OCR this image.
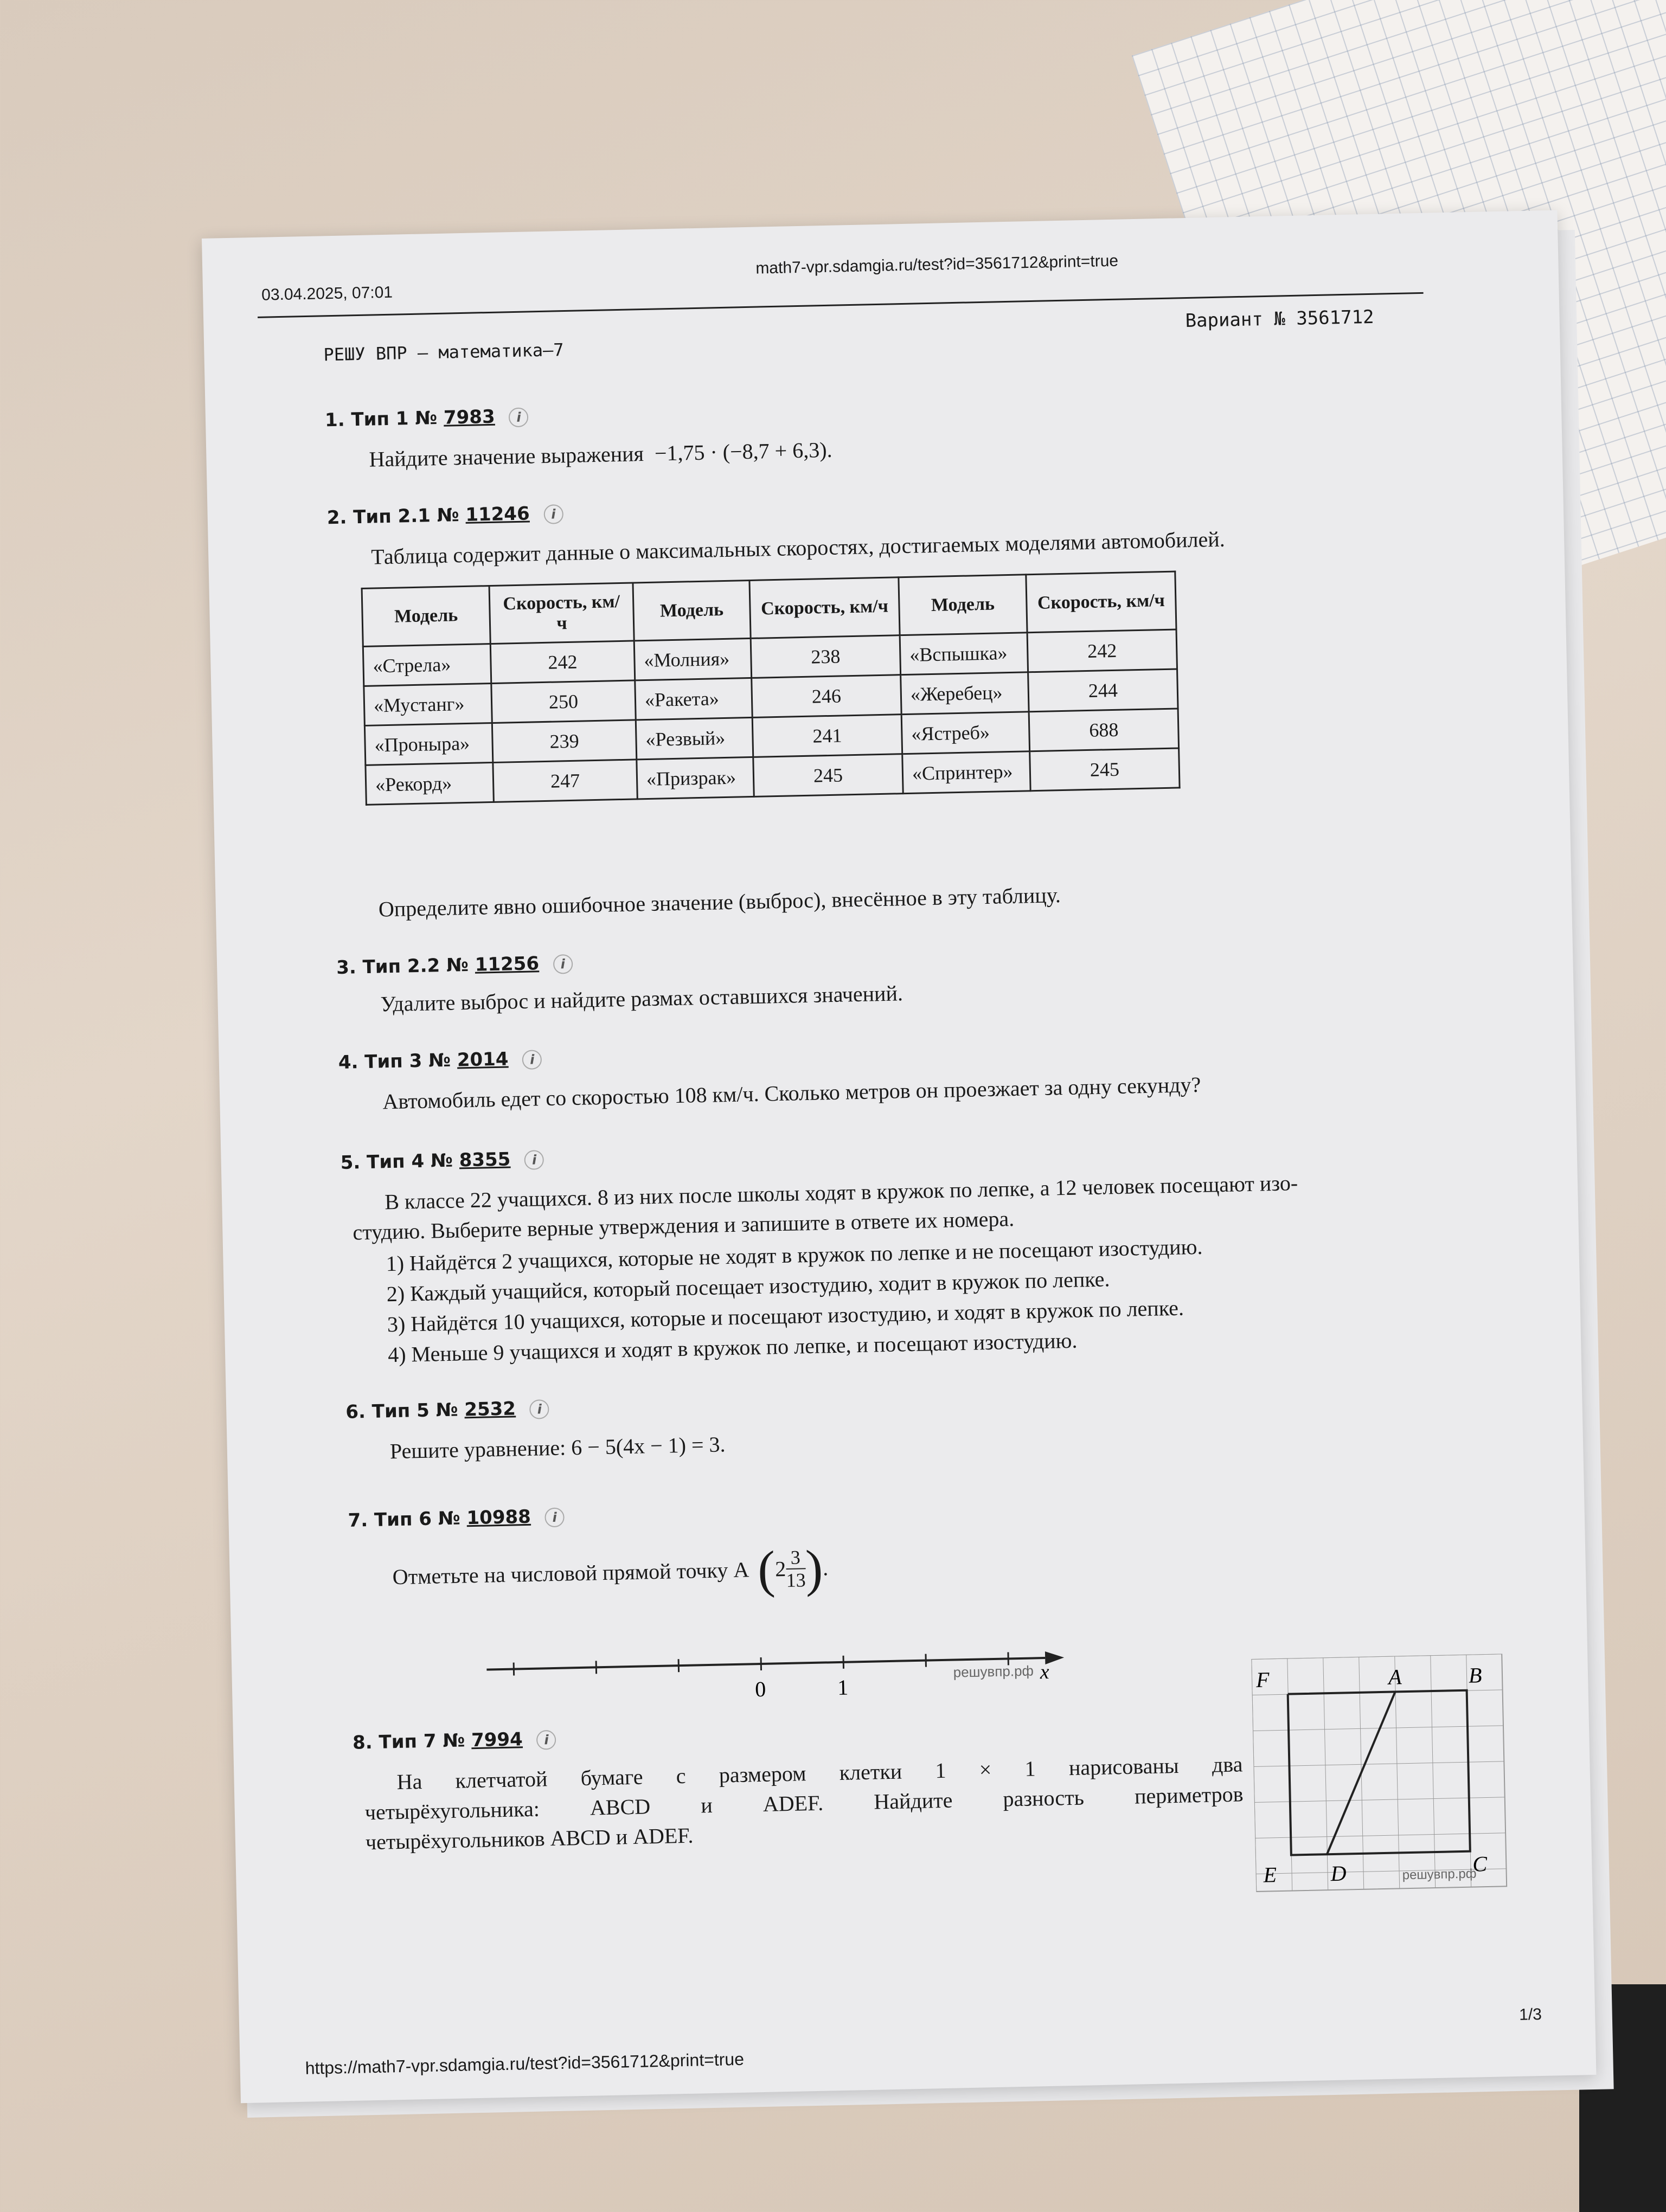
03.04.2025, 07:01
math7-vpr.sdamgia.ru/test?id=3561712&print=true
РЕШУ ВПР — математика–7
Вариант № 3561712
1. Тип 1 № 7983 i
Найдите значение выражения −1,75 · (−8,7 + 6,3).
2. Тип 2.1 № 11246 i
Таблица содержит данные о максимальных скоростях, достигаемых моделями автомобилей.
Модель	Скорость, км/ч	Модель	Скорость, км/ч	Модель	Скорость, км/ч
«Стрела»	242	«Молния»	238	«Вспышка»	242
«Мустанг»	250	«Ракета»	246	«Жеребец»	244
«Проныра»	239	«Резвый»	241	«Ястреб»	688
«Рекорд»	247	«Призрак»	245	«Спринтер»	245
Определите явно ошибочное значение (выброс), внесённое в эту таблицу.
3. Тип 2.2 № 11256 i
Удалите выброс и найдите размах оставшихся значений.
4. Тип 3 № 2014 i
Автомобиль едет со скоростью 108 км/ч. Сколько метров он проезжает за одну секунду?
5. Тип 4 № 8355 i
В классе 22 учащихся. 8 из них после школы ходят в кружок по лепке, а 12 человек посещают изо-
студию. Выберите верные утверждения и запишите в ответе их номера.
1) Найдётся 2 учащихся, которые не ходят в кружок по лепке и не посещают изостудию.
2) Каждый учащийся, который посещает изостудию, ходит в кружок по лепке.
3) Найдётся 10 учащихся, которые и посещают изостудию, и ходят в кружок по лепке.
4) Меньше 9 учащихся и ходят в кружок по лепке, и посещают изостудию.
6. Тип 5 № 2532 i
Решите уравнение: 6 − 5(4x − 1) = 3.
7. Тип 6 № 10988 i
Отметьте на числовой прямой точку A (
2
$\frac{3}{13}$
)
.
0	1
решувпр.рф x
8. Тип 7 № 7994 i
На клетчатой бумаге с размером клетки 1 × 1 нарисованы два
четырёхугольника: ABCD и ADEF. Найдите разность периметров
четырёхугольников ABCD и ADEF.
F	A	B
E D	C
решувпр.рф
1/3
https://math7-vpr.sdamgia.ru/test?id=3561712&print=true
